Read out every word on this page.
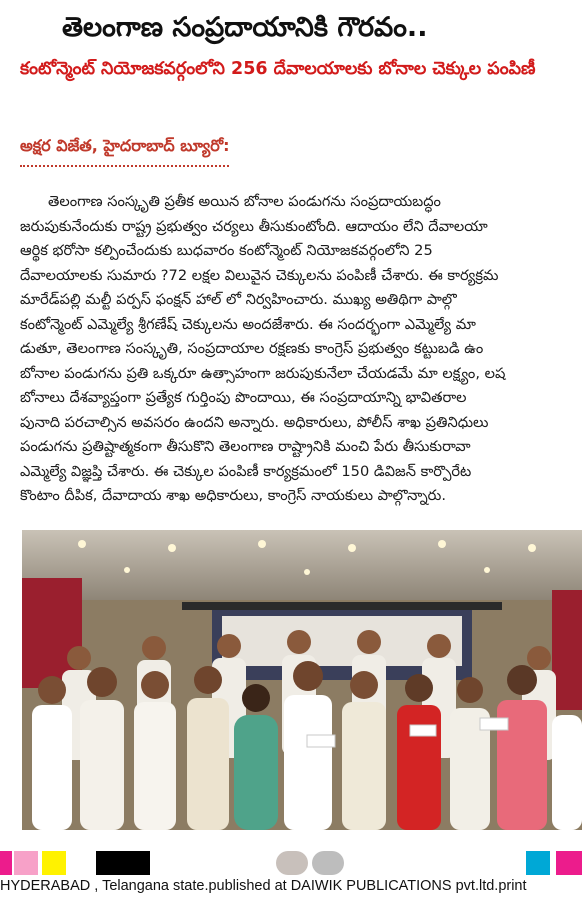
తెలంగాణ సంప్రదాయానికి గౌరవం..
కంటోన్మెంట్ నియోజకవర్గంలోని 256 దేవాలయాలకు బోనాల చెక్కుల పంపిణీ
అక్షర విజేత, హైదరాబాద్ బ్యూరో:
తెలంగాణ సంస్కృతి ప్రతీక అయిన బోనాల పండుగను సంప్రదాయబద్ధం
జరుపుకునేందుకు రాష్ట్ర ప్రభుత్వం చర్యలు తీసుకుంటోంది. ఆదాయం లేని దేవాలయా
ఆర్థిక భరోసా కల్పించేందుకు బుధవారం కంటోన్మెంట్ నియోజకవర్గంలోని 25
దేవాలయాలకు సుమారు ?72 లక్షల విలువైన చెక్కులను పంపిణీ చేశారు. ఈ కార్యక్రమ
మారేడ్‌పల్లి మల్టీ పర్పస్ ఫంక్షన్ హాల్ లో నిర్వహించారు. ముఖ్య అతిథిగా పాల్గొ
కంటోన్మెంట్ ఎమ్మెల్యే శ్రీగణేష్ చెక్కులను అందజేశారు. ఈ సందర్భంగా ఎమ్మెల్యే మా
డుతూ, తెలంగాణ సంస్కృతి, సంప్రదాయాల రక్షణకు కాంగ్రెస్ ప్రభుత్వం కట్టుబడి ఉం
బోనాల పండుగను ప్రతి ఒక్కరూ ఉత్సాహంగా జరుపుకునేలా చేయడమే మా లక్ష్యం, లష
బోనాలు దేశవ్యాప్తంగా ప్రత్యేక గుర్తింపు పొందాయి, ఈ సంప్రదాయాన్ని భావితరాల
పునాది పరచాల్సిన అవసరం ఉందని అన్నారు. అధికారులు, పోలీస్ శాఖ ప్రతినిధులు
పండుగను ప్రతిష్టాత్మకంగా తీసుకొని తెలంగాణ రాష్ట్రానికి మంచి పేరు తీసుకురావా
ఎమ్మెల్యే విజ్ఞప్తి చేశారు. ఈ చెక్కుల పంపిణీ కార్యక్రమంలో 150 డివిజన్ కార్పొరేట
కొంటాం దీపిక, దేవాదాయ శాఖ అధికారులు, కాంగ్రెస్ నాయకులు పాల్గొన్నారు.
HYDERABAD , Telangana state.published at DAIWIK PUBLICATIONS pvt.ltd.print
